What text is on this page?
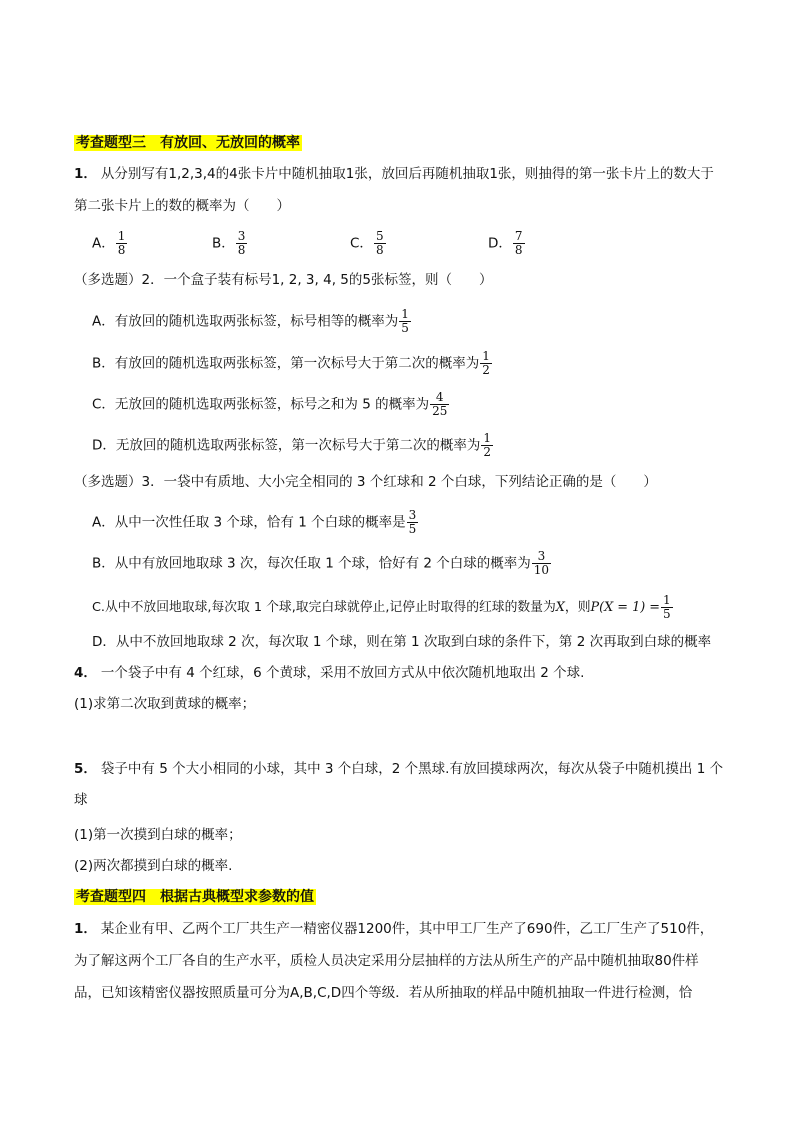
考查题型三　有放回、无放回的概率
1． 从分别写有1,2,3,4的4张卡片中随机抽取1张，放回后再随机抽取1张，则抽得的第一张卡片上的数大于
第二张卡片上的数的概率为（　　）
A． $\frac{1}{8}$	B． $\frac{3}{8}$	C． $\frac{5}{8}$	D． $\frac{7}{8}$
（多选题）2．一个盒子装有标号1, 2, 3, 4, 5的5张标签，则（　　）
A．有放回的随机选取两张标签，标号相等的概率为 $\frac{1}{5}$
B．有放回的随机选取两张标签，第一次标号大于第二次的概率为 $\frac{1}{2}$
C．无放回的随机选取两张标签，标号之和为 5 的概率为 $\frac{4}{25}$
D．无放回的随机选取两张标签，第一次标号大于第二次的概率为 $\frac{1}{2}$
（多选题）3．一袋中有质地、大小完全相同的 3 个红球和 2 个白球，下列结论正确的是（　　）
A．从中一次性任取 3 个球，恰有 1 个白球的概率是 $\frac{3}{5}$
B．从中有放回地取球 3 次，每次任取 1 个球，恰好有 2 个白球的概率为 $\frac{3}{10}$
C.从中不放回地取球,每次取 1 个球,取完白球就停止,记停止时取得的红球的数量为X，则$P(X = 1) = \frac{1}{5}$
D．从中不放回地取球 2 次，每次取 1 个球，则在第 1 次取到白球的条件下，第 2 次再取到白球的概率
4． 一个袋子中有 4 个红球，6 个黄球，采用不放回方式从中依次随机地取出 2 个球.
(1)求第二次取到黄球的概率；
5． 袋子中有 5 个大小相同的小球，其中 3 个白球，2 个黑球.有放回摸球两次，每次从袋子中随机摸出 1 个
球
(1)第一次摸到白球的概率；
(2)两次都摸到白球的概率.
考查题型四　根据古典概型求参数的值
1． 某企业有甲、乙两个工厂共生产一精密仪器1200件，其中甲工厂生产了690件，乙工厂生产了510件，
为了解这两个工厂各自的生产水平，质检人员决定采用分层抽样的方法从所生产的产品中随机抽取80件样
品，已知该精密仪器按照质量可分为A,B,C,D四个等级．若从所抽取的样品中随机抽取一件进行检测，恰
